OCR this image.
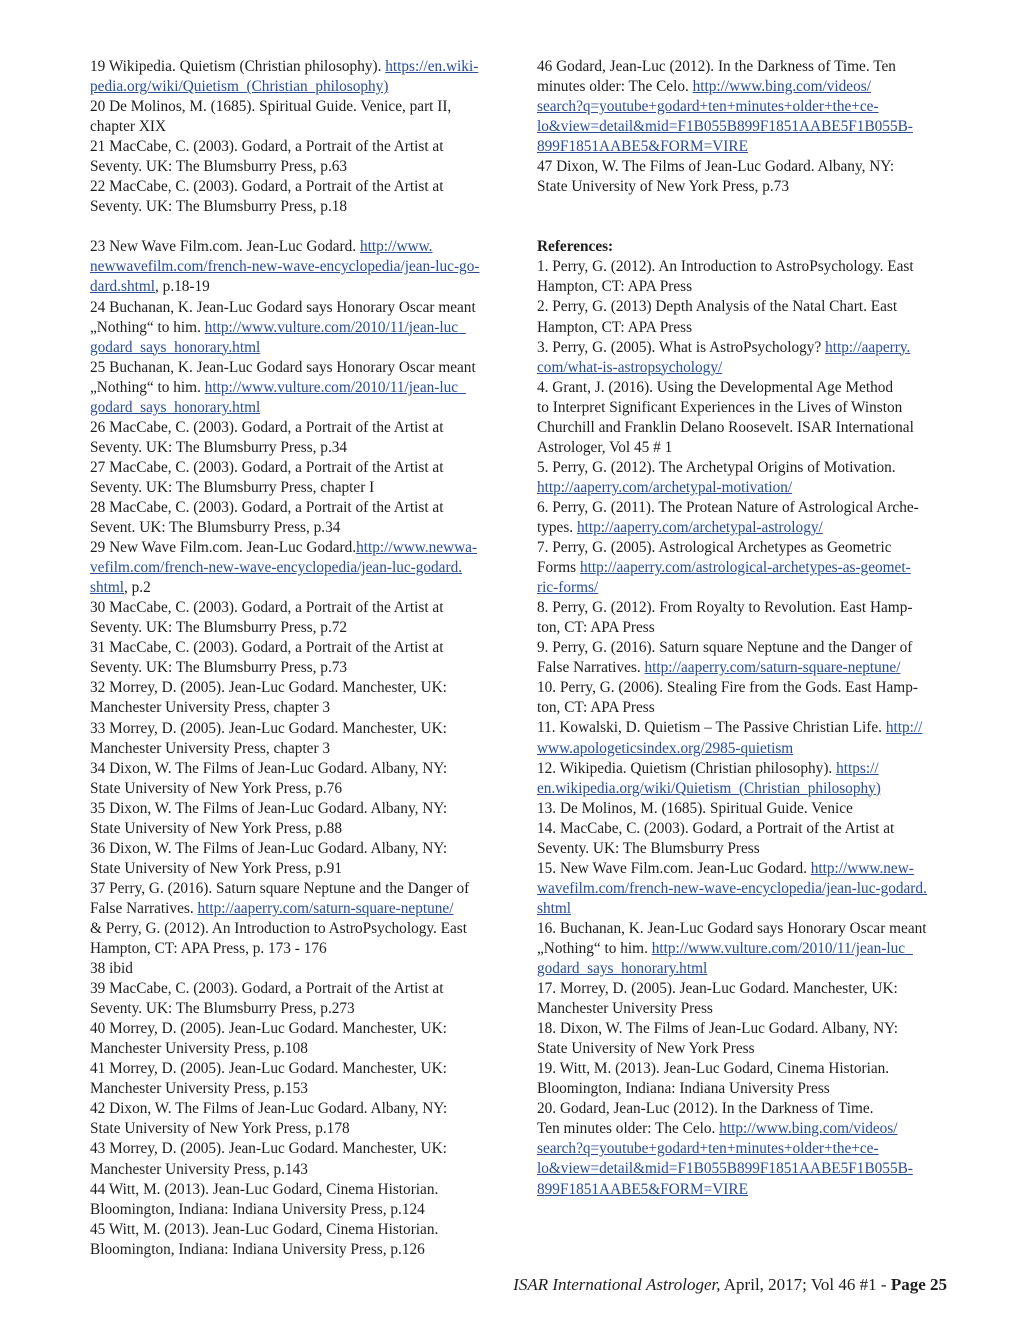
19 Wikipedia. Quietism (Christian philosophy). https://en.wiki-
pedia.org/wiki/Quietism_(Christian_philosophy)
20 De Molinos, M. (1685). Spiritual Guide. Venice, part II,
chapter XIX
21 MacCabe, C. (2003). Godard, a Portrait of the Artist at
Seventy. UK: The Blumsburry Press, p.63
22 MacCabe, C. (2003). Godard, a Portrait of the Artist at
Seventy. UK: The Blumsburry Press, p.18
23 New Wave Film.com. Jean-Luc Godard. http://www.
newwavefilm.com/french-new-wave-encyclopedia/jean-luc-go-
dard.shtml, p.18-19
24 Buchanan, K. Jean-Luc Godard says Honorary Oscar meant
„Nothing“ to him. http://www.vulture.com/2010/11/jean-luc_
godard_says_honorary.html
25 Buchanan, K. Jean-Luc Godard says Honorary Oscar meant
„Nothing“ to him. http://www.vulture.com/2010/11/jean-luc_
godard_says_honorary.html
26 MacCabe, C. (2003). Godard, a Portrait of the Artist at
Seventy. UK: The Blumsburry Press, p.34
27 MacCabe, C. (2003). Godard, a Portrait of the Artist at
Seventy. UK: The Blumsburry Press, chapter I
28 MacCabe, C. (2003). Godard, a Portrait of the Artist at
Sevent. UK: The Blumsburry Press, p.34
29 New Wave Film.com. Jean-Luc Godard.http://www.newwa-
vefilm.com/french-new-wave-encyclopedia/jean-luc-godard.
shtml, p.2
30 MacCabe, C. (2003). Godard, a Portrait of the Artist at
Seventy. UK: The Blumsburry Press, p.72
31 MacCabe, C. (2003). Godard, a Portrait of the Artist at
Seventy. UK: The Blumsburry Press, p.73
32 Morrey, D. (2005). Jean-Luc Godard. Manchester, UK:
Manchester University Press, chapter 3
33 Morrey, D. (2005). Jean-Luc Godard. Manchester, UK:
Manchester University Press, chapter 3
34 Dixon, W. The Films of Jean-Luc Godard. Albany, NY:
State University of New York Press, p.76
35 Dixon, W. The Films of Jean-Luc Godard. Albany, NY:
State University of New York Press, p.88
36 Dixon, W. The Films of Jean-Luc Godard. Albany, NY:
State University of New York Press, p.91
37 Perry, G. (2016). Saturn square Neptune and the Danger of
False Narratives. http://aaperry.com/saturn-square-neptune/
& Perry, G. (2012). An Introduction to AstroPsychology. East
Hampton, CT: APA Press, p. 173 - 176
38 ibid
39 MacCabe, C. (2003). Godard, a Portrait of the Artist at
Seventy. UK: The Blumsburry Press, p.273
40 Morrey, D. (2005). Jean-Luc Godard. Manchester, UK:
Manchester University Press, p.108
41 Morrey, D. (2005). Jean-Luc Godard. Manchester, UK:
Manchester University Press, p.153
42 Dixon, W. The Films of Jean-Luc Godard. Albany, NY:
State University of New York Press, p.178
43 Morrey, D. (2005). Jean-Luc Godard. Manchester, UK:
Manchester University Press, p.143
44 Witt, M. (2013). Jean-Luc Godard, Cinema Historian.
Bloomington, Indiana: Indiana University Press, p.124
45 Witt, M. (2013). Jean-Luc Godard, Cinema Historian.
Bloomington, Indiana: Indiana University Press, p.126
46 Godard, Jean-Luc (2012). In the Darkness of Time. Ten
minutes older: The Celo. http://www.bing.com/videos/
search?q=youtube+godard+ten+minutes+older+the+ce-
lo&view=detail&mid=F1B055B899F1851AABE5F1B055B-
899F1851AABE5&FORM=VIRE
47 Dixon, W. The Films of Jean-Luc Godard. Albany, NY:
State University of New York Press, p.73
References:
1. Perry, G. (2012). An Introduction to AstroPsychology. East
Hampton, CT: APA Press
2. Perry, G. (2013) Depth Analysis of the Natal Chart. East
Hampton, CT: APA Press
3. Perry, G. (2005). What is AstroPsychology? http://aaperry.
com/what-is-astropsychology/
4. Grant, J. (2016). Using the Developmental Age Method
to Interpret Significant Experiences in the Lives of Winston
Churchill and Franklin Delano Roosevelt. ISAR International
Astrologer, Vol 45 # 1
5. Perry, G. (2012). The Archetypal Origins of Motivation.
http://aaperry.com/archetypal-motivation/
6. Perry, G. (2011). The Protean Nature of Astrological Arche-
types. http://aaperry.com/archetypal-astrology/
7. Perry, G. (2005). Astrological Archetypes as Geometric
Forms http://aaperry.com/astrological-archetypes-as-geomet-
ric-forms/
8. Perry, G. (2012). From Royalty to Revolution. East Hamp-
ton, CT: APA Press
9. Perry, G. (2016). Saturn square Neptune and the Danger of
False Narratives. http://aaperry.com/saturn-square-neptune/
10. Perry, G. (2006). Stealing Fire from the Gods. East Hamp-
ton, CT: APA Press
11. Kowalski, D. Quietism – The Passive Christian Life. http://
www.apologeticsindex.org/2985-quietism
12. Wikipedia. Quietism (Christian philosophy). https://
en.wikipedia.org/wiki/Quietism_(Christian_philosophy)
13. De Molinos, M. (1685). Spiritual Guide. Venice
14. MacCabe, C. (2003). Godard, a Portrait of the Artist at
Seventy. UK: The Blumsburry Press
15. New Wave Film.com. Jean-Luc Godard. http://www.new-
wavefilm.com/french-new-wave-encyclopedia/jean-luc-godard.
shtml
16. Buchanan, K. Jean-Luc Godard says Honorary Oscar meant
„Nothing“ to him. http://www.vulture.com/2010/11/jean-luc_
godard_says_honorary.html
17. Morrey, D. (2005). Jean-Luc Godard. Manchester, UK:
Manchester University Press
18. Dixon, W. The Films of Jean-Luc Godard. Albany, NY:
State University of New York Press
19. Witt, M. (2013). Jean-Luc Godard, Cinema Historian.
Bloomington, Indiana: Indiana University Press
20. Godard, Jean-Luc (2012). In the Darkness of Time.
Ten minutes older: The Celo. http://www.bing.com/videos/
search?q=youtube+godard+ten+minutes+older+the+ce-
lo&view=detail&mid=F1B055B899F1851AABE5F1B055B-
899F1851AABE5&FORM=VIRE
ISAR International Astrologer, April, 2017; Vol 46 #1 - Page 25
